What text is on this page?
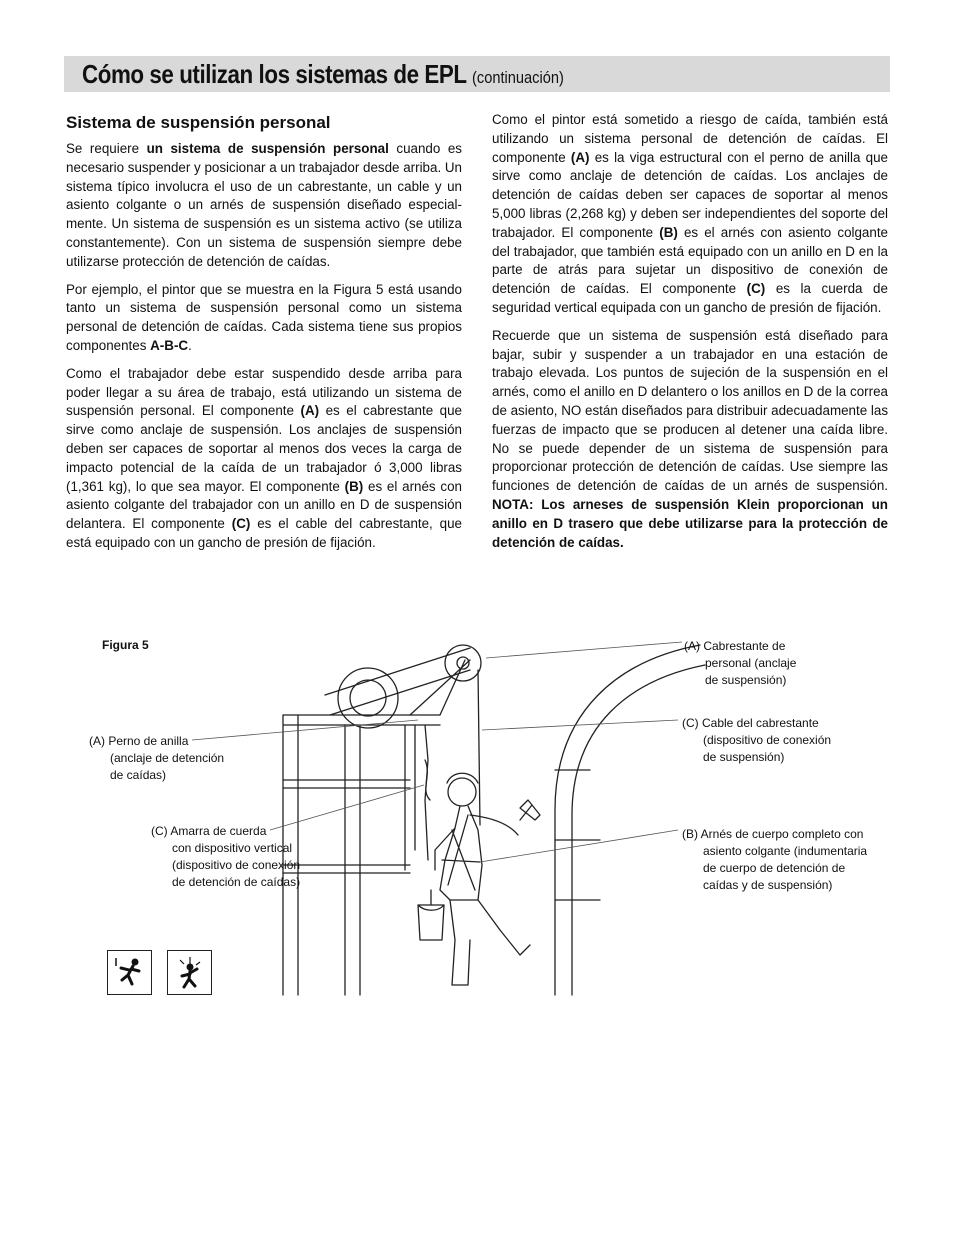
Cómo se utilizan los sistemas de EPL (continuación)
Sistema de suspensión personal

Se requiere un sistema de suspensión personal cuando es necesario suspender y posicionar a un trabajador desde arriba. Un sistema típico involucra el uso de un cabrestante, un cable y un asiento colgante o un arnés de suspensión diseñado especial-mente. Un sistema de suspensión es un sistema activo (se utiliza constantemente). Con un sistema de suspensión siempre debe utilizarse protección de detención de caídas.

Por ejemplo, el pintor que se muestra en la Figura 5 está usando tanto un sistema de suspensión personal como un sistema personal de detención de caídas. Cada sistema tiene sus propios componentes A-B-C.

Como el trabajador debe estar suspendido desde arriba para poder llegar a su área de trabajo, está utilizando un sistema de suspensión personal. El componente (A) es el cabrestante que sirve como anclaje de suspensión. Los anclajes de suspensión deben ser capaces de soportar al menos dos veces la carga de impacto potencial de la caída de un trabajador ó 3,000 libras (1,361 kg), lo que sea mayor. El componente (B) es el arnés con asiento colgante del trabajador con un anillo en D de suspensión delantera. El componente (C) es el cable del cabrestante, que está equipado con un gancho de presión de fijación.

Como el pintor está sometido a riesgo de caída, también está utilizando un sistema personal de detención de caídas. El componente (A) es la viga estructural con el perno de anilla que sirve como anclaje de detención de caídas. Los anclajes de detención de caídas deben ser capaces de soportar al menos 5,000 libras (2,268 kg) y deben ser independientes del soporte del trabajador. El componente (B) es el arnés con asiento colgante del trabajador, que también está equipado con un anillo en D en la parte de atrás para sujetar un dispositivo de conexión de detención de caídas. El componente (C) es la cuerda de seguridad vertical equipada con un gancho de presión de fijación.

Recuerde que un sistema de suspensión está diseñado para bajar, subir y suspender a un trabajador en una estación de trabajo elevada. Los puntos de sujeción de la suspensión en el arnés, como el anillo en D delantero o los anillos en D de la correa de asiento, NO están diseñados para distribuir adecuadamente las fuerzas de impacto que se producen al detener una caída libre. No se puede depender de un sistema de suspensión para proporcionar protección de detención de caídas. Use siempre las funciones de detención de caídas de un arnés de suspensión. NOTA: Los arneses de suspensión Klein proporcionan un anillo en D trasero que debe utilizarse para la protección de detención de caídas.

Figura 5	(A) Cabrestante de
personal (anclaje
de suspensión)
(C) Cable del cabrestante
(dispositivo de conexión
de suspensión)
(B) Arnés de cuerpo completo con
asiento colgante (indumentaria
de cuerpo de detención de
caídas y de suspensión)
(A) Perno de anilla
(anclaje de detención
de caídas)
(C) Amarra de cuerda
con dispositivo vertical
(dispositivo de conexión
de detención de caídas)
